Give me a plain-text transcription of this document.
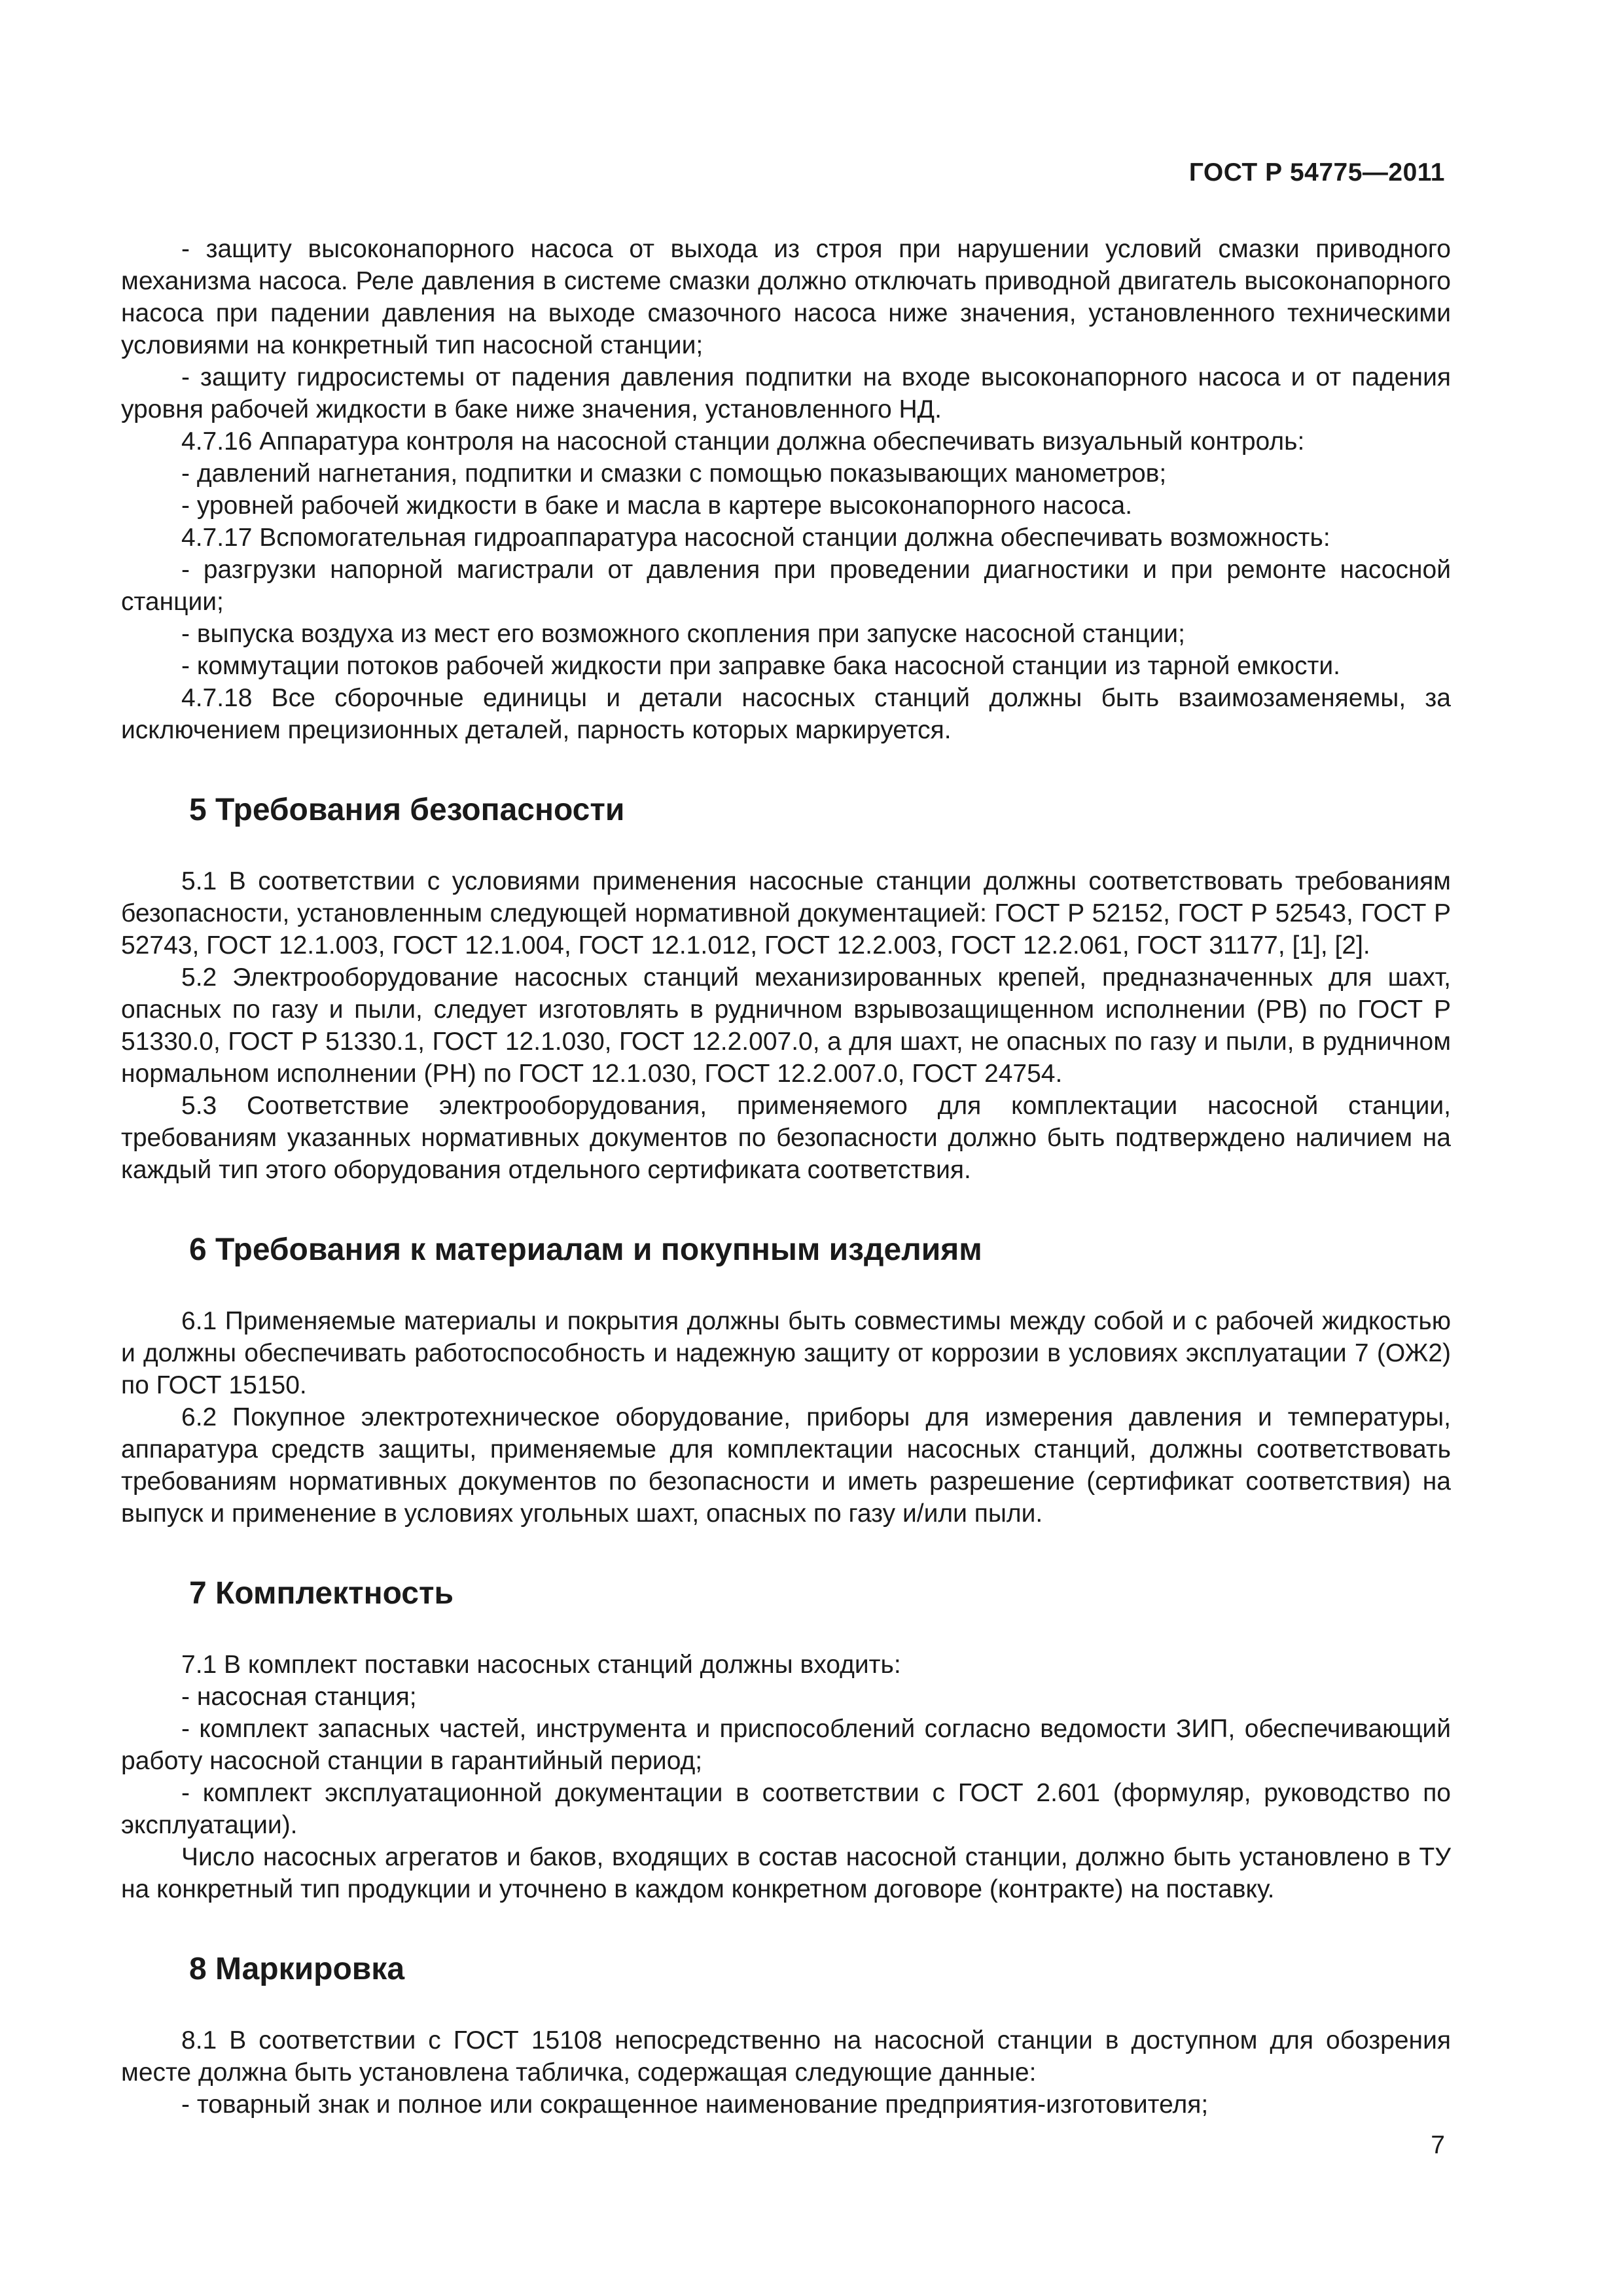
ГОСТ Р 54775—2011

- защиту высоконапорного насоса от выхода из строя при нарушении условий смазки приводного механизма насоса. Реле давления в системе смазки должно отключать приводной двигатель высоконапорного насоса при падении давления на выходе смазочного насоса ниже значения, установленного техническими условиями на конкретный тип насосной станции;

- защиту гидросистемы от падения давления подпитки на входе высоконапорного насоса и от падения уровня рабочей жидкости в баке ниже значения, установленного НД.

4.7.16 Аппаратура контроля на насосной станции должна обеспечивать визуальный контроль:

- давлений нагнетания, подпитки и смазки с помощью показывающих манометров;

- уровней рабочей жидкости в баке и масла в картере высоконапорного насоса.

4.7.17 Вспомогательная гидроаппаратура насосной станции должна обеспечивать возможность:

- разгрузки напорной магистрали от давления при проведении диагностики и при ремонте насосной станции;

- выпуска воздуха из мест его возможного скопления при запуске насосной станции;

- коммутации потоков рабочей жидкости при заправке бака насосной станции из тарной емкости.

4.7.18 Все сборочные единицы и детали насосных станций должны быть взаимозаменяемы, за исключением прецизионных деталей, парность которых маркируется.

5 Требования безопасности

5.1 В соответствии с условиями применения насосные станции должны соответствовать требованиям безопасности, установленным следующей нормативной документацией: ГОСТ Р 52152, ГОСТ Р 52543, ГОСТ Р 52743, ГОСТ 12.1.003, ГОСТ 12.1.004, ГОСТ 12.1.012, ГОСТ 12.2.003, ГОСТ 12.2.061, ГОСТ 31177, [1], [2].

5.2 Электрооборудование насосных станций механизированных крепей, предназначенных для шахт, опасных по газу и пыли, следует изготовлять в рудничном взрывозащищенном исполнении (РВ) по ГОСТ Р 51330.0, ГОСТ Р 51330.1, ГОСТ 12.1.030, ГОСТ 12.2.007.0, а для шахт, не опасных по газу и пыли, в рудничном нормальном исполнении (РН) по ГОСТ 12.1.030, ГОСТ 12.2.007.0, ГОСТ 24754.

5.3 Соответствие электрооборудования, применяемого для комплектации насосной станции, требованиям указанных нормативных документов по безопасности должно быть подтверждено наличием на каждый тип этого оборудования отдельного сертификата соответствия.

6 Требования к материалам и покупным изделиям

6.1 Применяемые материалы и покрытия должны быть совместимы между собой и с рабочей жидкостью и должны обеспечивать работоспособность и надежную защиту от коррозии в условиях эксплуатации 7 (ОЖ2) по ГОСТ 15150.

6.2 Покупное электротехническое оборудование, приборы для измерения давления и температуры, аппаратура средств защиты, применяемые для комплектации насосных станций, должны соответствовать требованиям нормативных документов по безопасности и иметь разрешение (сертификат соответствия) на выпуск и применение в условиях угольных шахт, опасных по газу и/или пыли.

7 Комплектность

7.1 В комплект поставки насосных станций должны входить:

- насосная станция;

- комплект запасных частей, инструмента и приспособлений согласно ведомости ЗИП, обеспечивающий работу насосной станции в гарантийный период;

- комплект эксплуатационной документации в соответствии с ГОСТ 2.601 (формуляр, руководство по эксплуатации).

Число насосных агрегатов и баков, входящих в состав насосной станции, должно быть установлено в ТУ на конкретный тип продукции и уточнено в каждом конкретном договоре (контракте) на поставку.

8 Маркировка

8.1 В соответствии с ГОСТ 15108 непосредственно на насосной станции в доступном для обозрения месте должна быть установлена табличка, содержащая следующие данные:

- товарный знак и полное или сокращенное наименование предприятия-изготовителя;

7
